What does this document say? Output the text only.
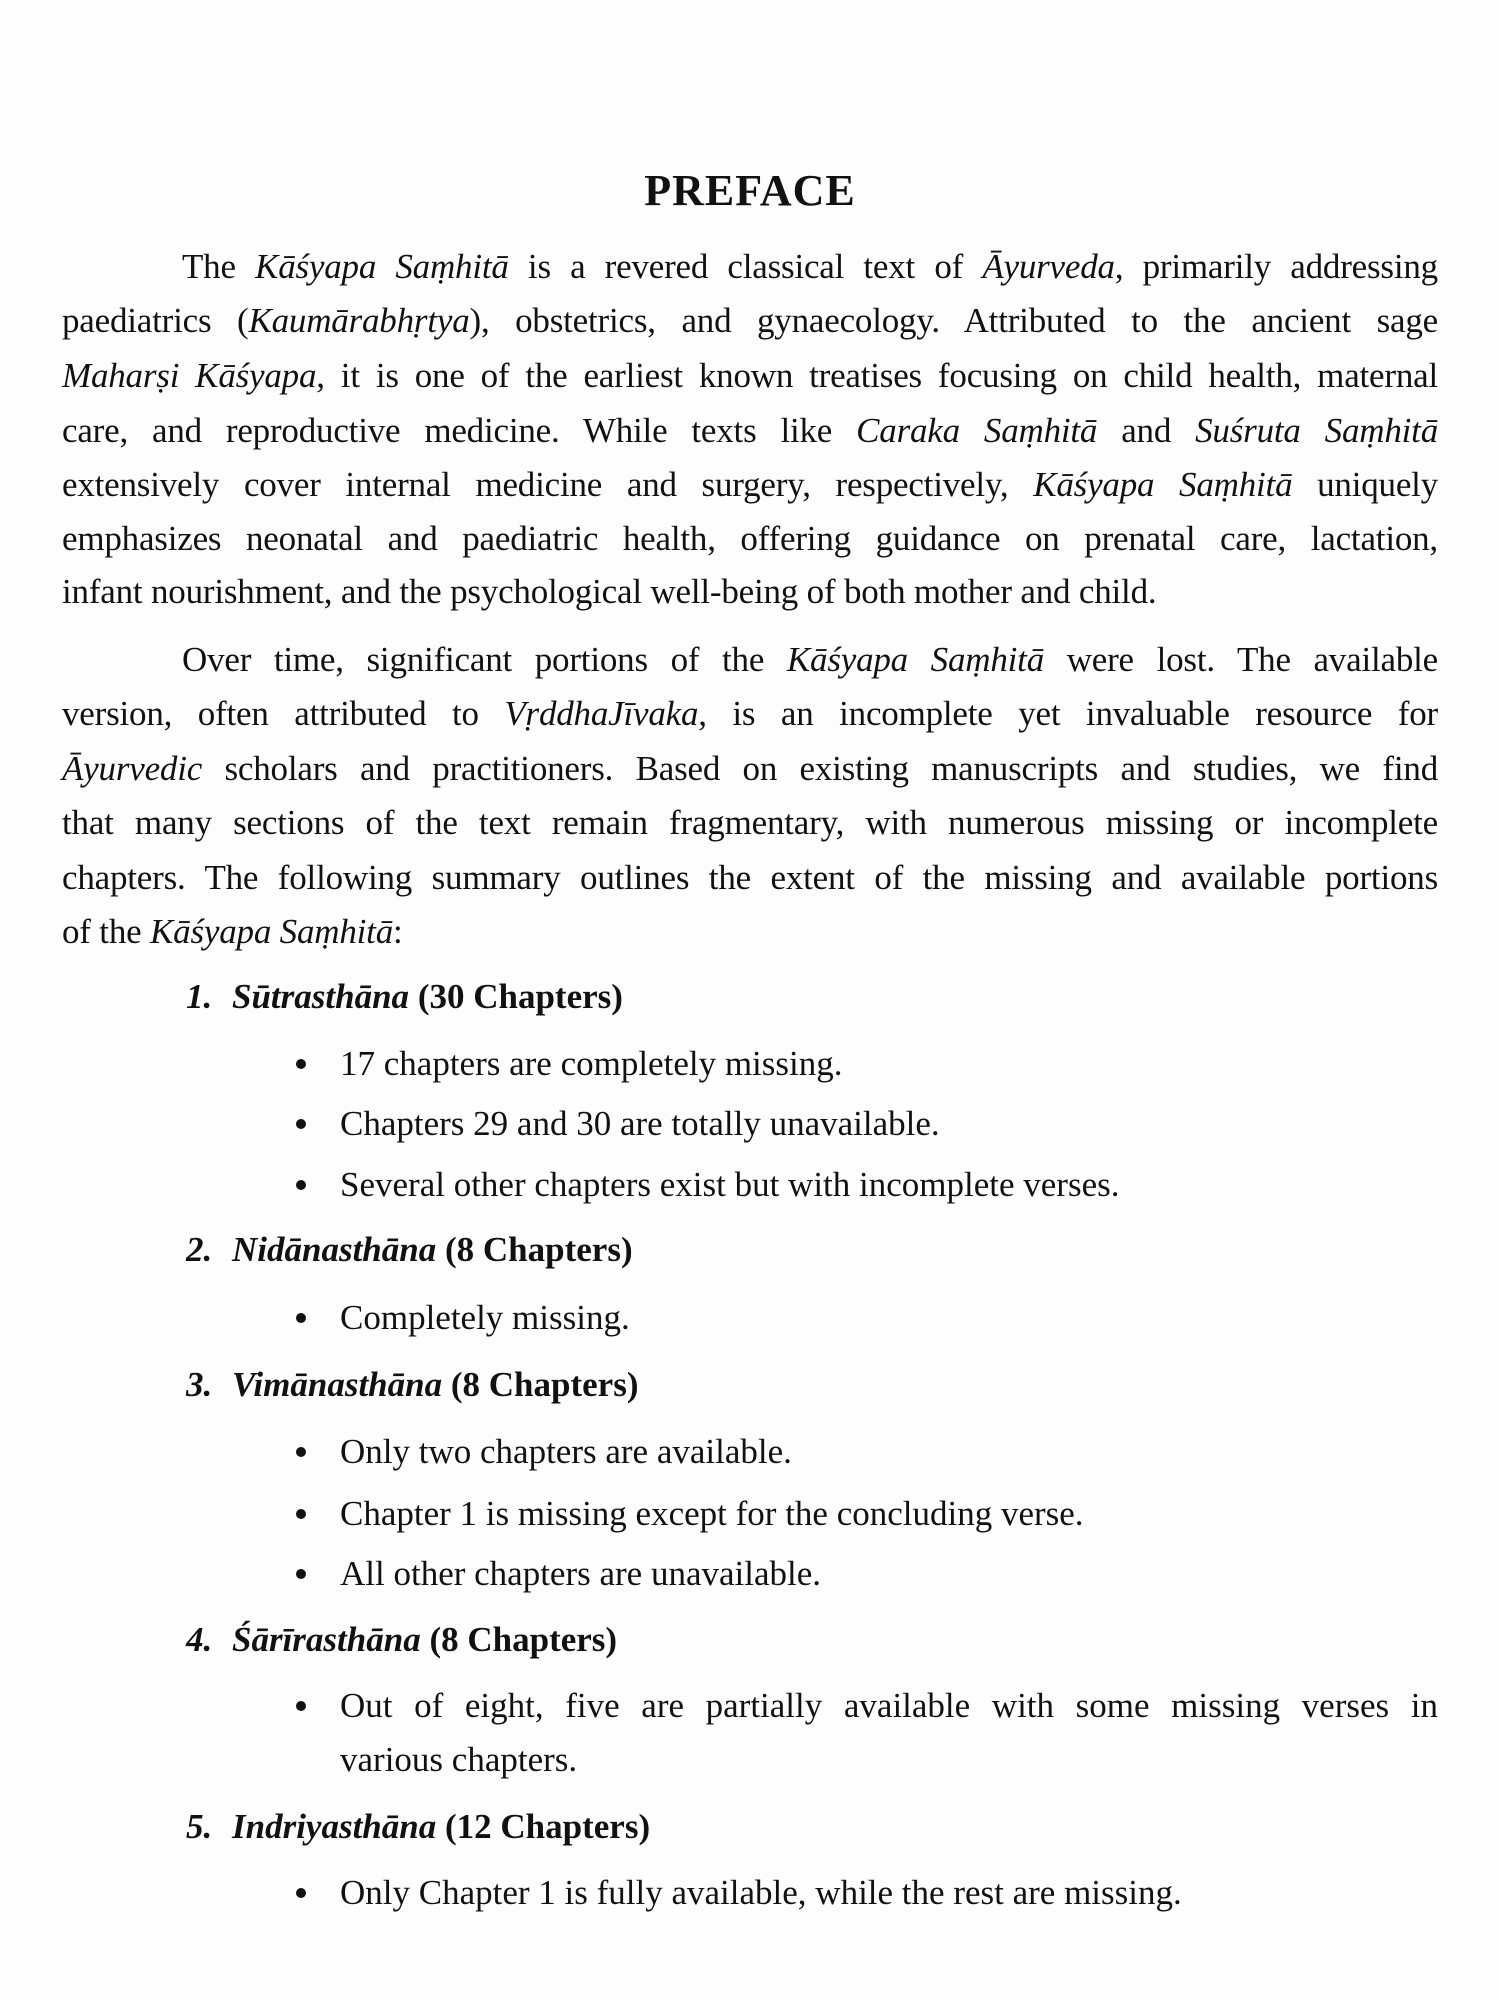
PREFACE
The Kāśyapa Saṃhitā is a revered classical text of Āyurveda, primarily addressing
paediatrics (Kaumārabhṛtya), obstetrics, and gynaecology. Attributed to the ancient sage
Maharṣi Kāśyapa, it is one of the earliest known treatises focusing on child health, maternal
care, and reproductive medicine. While texts like Caraka Saṃhitā and Suśruta Saṃhitā
extensively cover internal medicine and surgery, respectively, Kāśyapa Saṃhitā uniquely
emphasizes neonatal and paediatric health, offering guidance on prenatal care, lactation,
infant nourishment, and the psychological well-being of both mother and child.
Over time, significant portions of the Kāśyapa Saṃhitā were lost. The available
version, often attributed to VṛddhaJīvaka, is an incomplete yet invaluable resource for
Āyurvedic scholars and practitioners. Based on existing manuscripts and studies, we find
that many sections of the text remain fragmentary, with numerous missing or incomplete
chapters. The following summary outlines the extent of the missing and available portions
of the Kāśyapa Saṃhitā:
1. Sūtrasthāna (30 Chapters)
17 chapters are completely missing.
Chapters 29 and 30 are totally unavailable.
Several other chapters exist but with incomplete verses.
2. Nidānasthāna (8 Chapters)
Completely missing.
3. Vimānasthāna (8 Chapters)
Only two chapters are available.
Chapter 1 is missing except for the concluding verse.
All other chapters are unavailable.
4. Śārīrasthāna (8 Chapters)
Out of eight, five are partially available with some missing verses in
various chapters.
5. Indriyasthāna (12 Chapters)
Only Chapter 1 is fully available, while the rest are missing.
